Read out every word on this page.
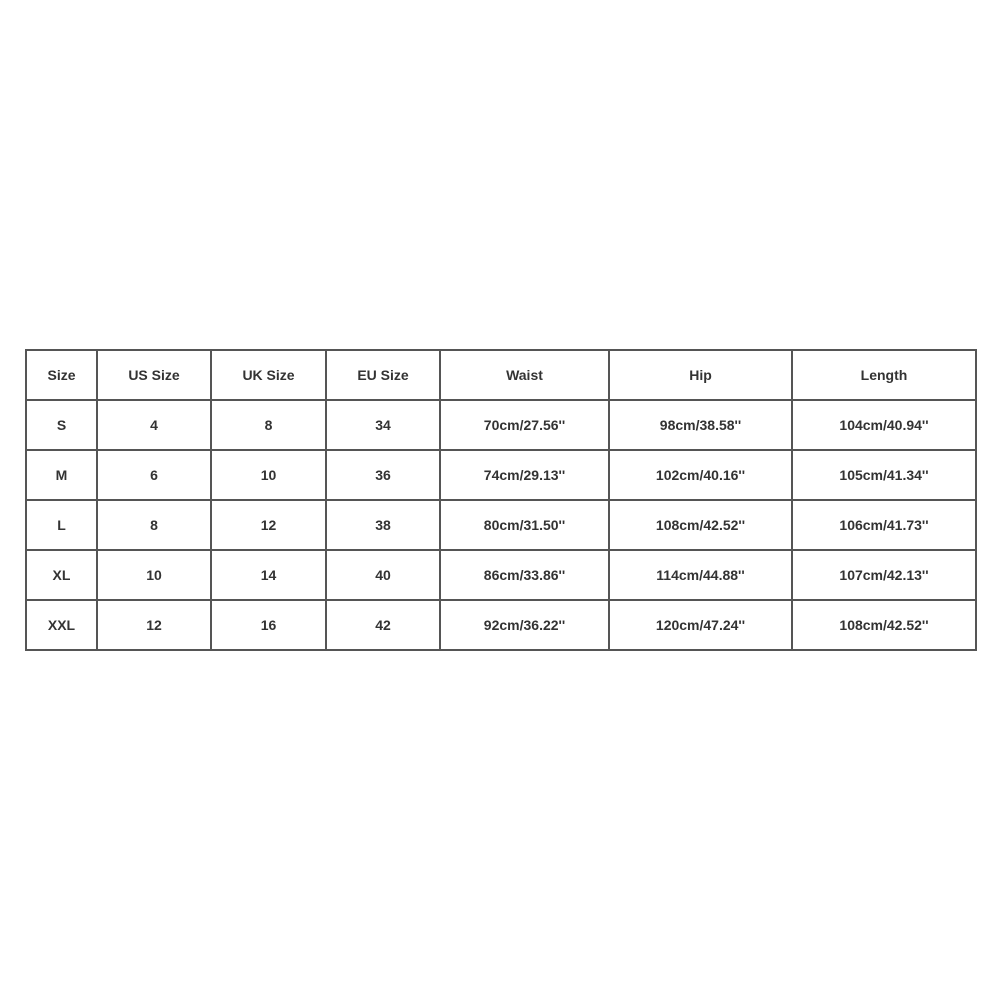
Size	US Size	UK Size	EU Size	Waist	Hip	Length
S	4	8	34	70cm/27.56''	98cm/38.58''	104cm/40.94''
M	6	10	36	74cm/29.13''	102cm/40.16''	105cm/41.34''
L	8	12	38	80cm/31.50''	108cm/42.52''	106cm/41.73''
XL	10	14	40	86cm/33.86''	114cm/44.88''	107cm/42.13''
XXL	12	16	42	92cm/36.22''	120cm/47.24''	108cm/42.52''
